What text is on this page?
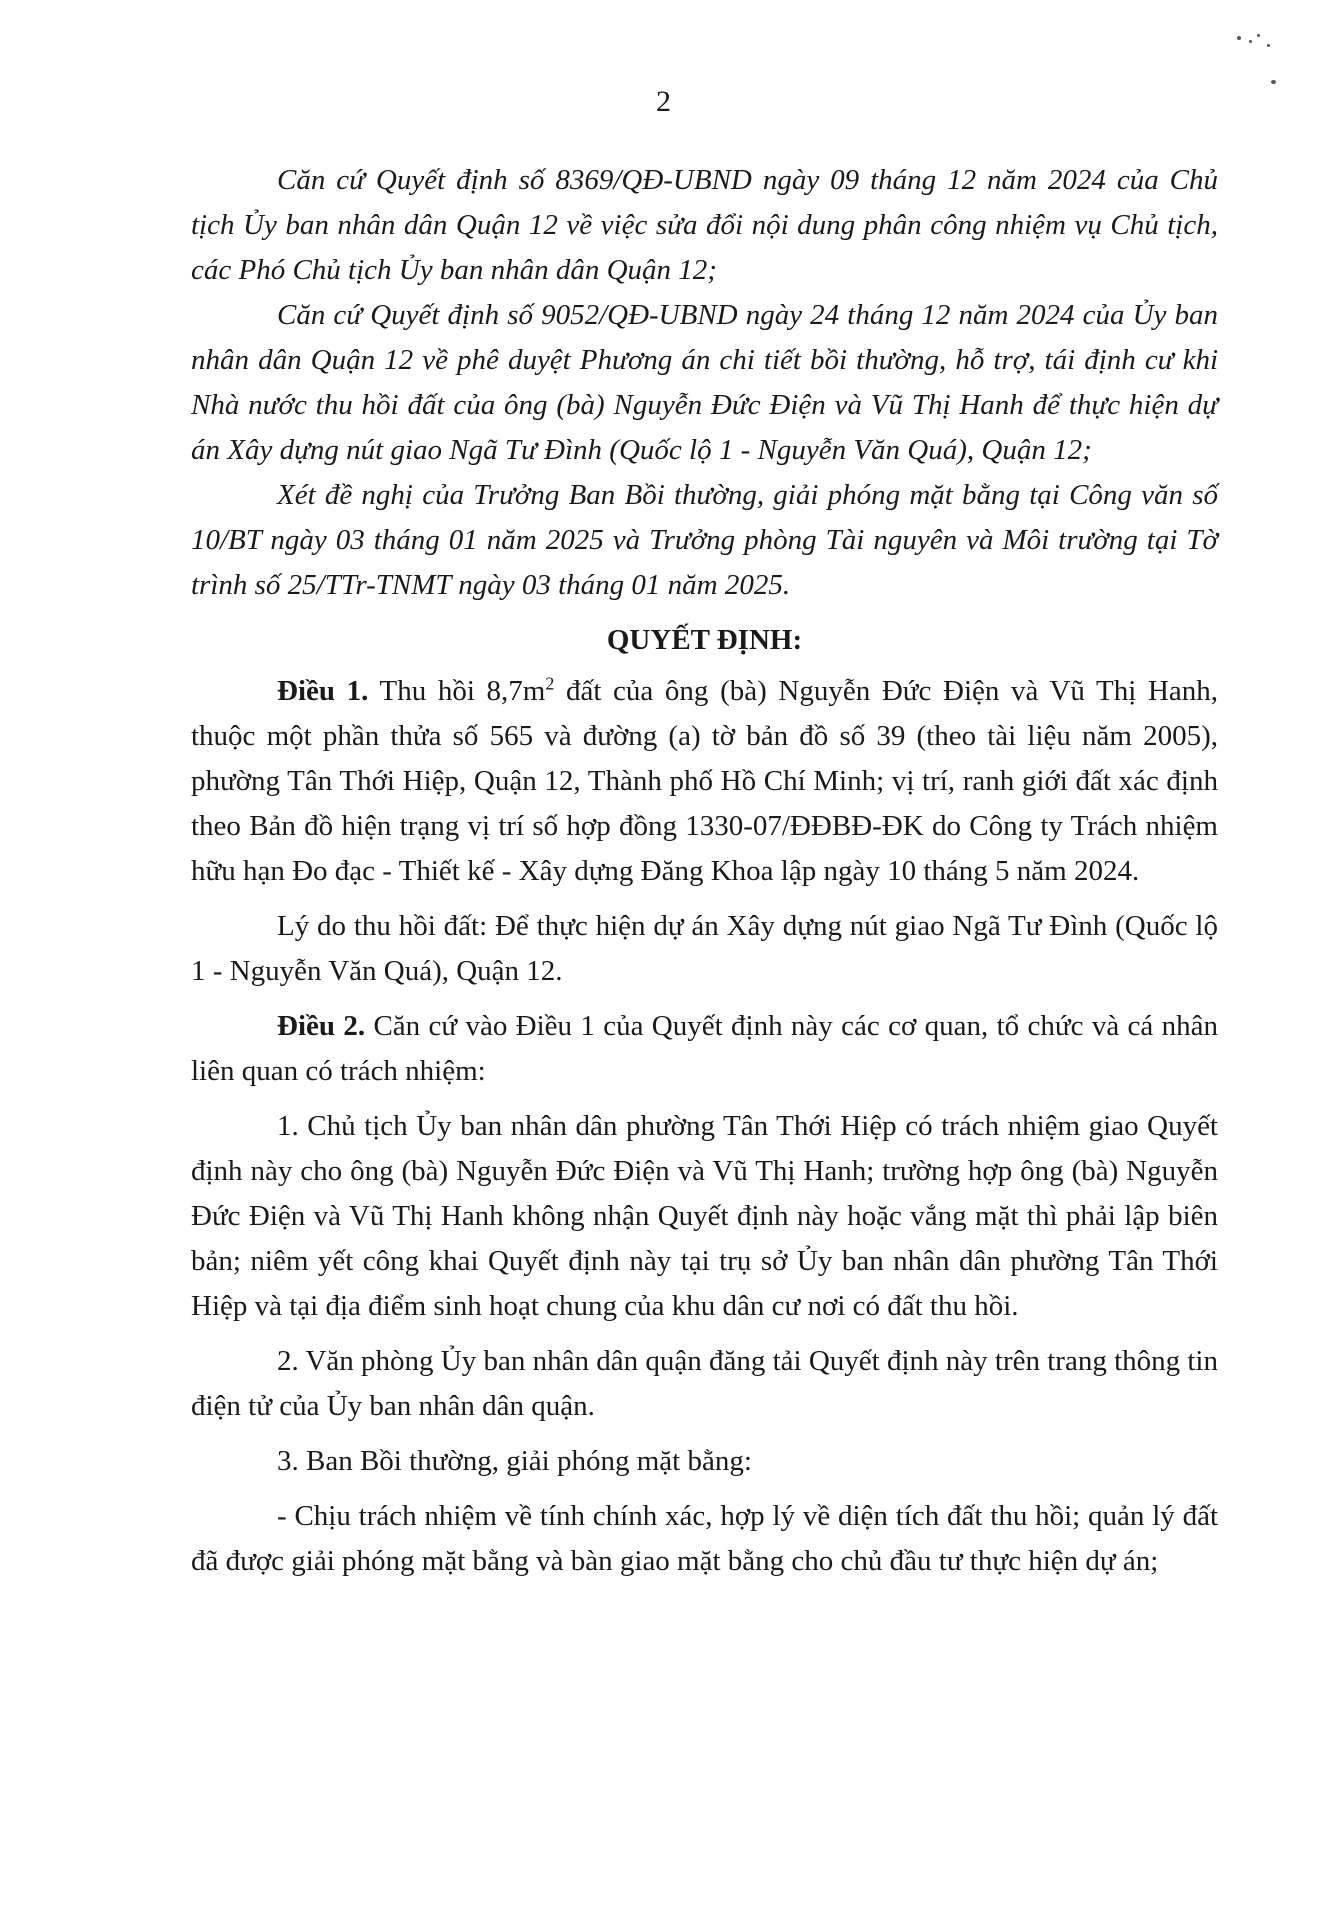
2

Căn cứ Quyết định số 8369/QĐ-UBND ngày 09 tháng 12 năm 2024 của Chủ tịch Ủy ban nhân dân Quận 12 về việc sửa đổi nội dung phân công nhiệm vụ Chủ tịch, các Phó Chủ tịch Ủy ban nhân dân Quận 12;

Căn cứ Quyết định số 9052/QĐ-UBND ngày 24 tháng 12 năm 2024 của Ủy ban nhân dân Quận 12 về phê duyệt Phương án chi tiết bồi thường, hỗ trợ, tái định cư khi Nhà nước thu hồi đất của ông (bà) Nguyễn Đức Điện và Vũ Thị Hanh để thực hiện dự án Xây dựng nút giao Ngã Tư Đình (Quốc lộ 1 - Nguyễn Văn Quá), Quận 12;

Xét đề nghị của Trưởng Ban Bồi thường, giải phóng mặt bằng tại Công văn số 10/BT ngày 03 tháng 01 năm 2025 và Trưởng phòng Tài nguyên và Môi trường tại Tờ trình số 25/TTr-TNMT ngày 03 tháng 01 năm 2025.

QUYẾT ĐỊNH:

Điều 1. Thu hồi $8,7m^2$ đất của ông (bà) Nguyễn Đức Điện và Vũ Thị Hanh, thuộc một phần thửa số 565 và đường (a) tờ bản đồ số 39 (theo tài liệu năm 2005), phường Tân Thới Hiệp, Quận 12, Thành phố Hồ Chí Minh; vị trí, ranh giới đất xác định theo Bản đồ hiện trạng vị trí số hợp đồng 1330-07/ĐĐBĐ-ĐK do Công ty Trách nhiệm hữu hạn Đo đạc - Thiết kế - Xây dựng Đăng Khoa lập ngày 10 tháng 5 năm 2024.

Lý do thu hồi đất: Để thực hiện dự án Xây dựng nút giao Ngã Tư Đình (Quốc lộ 1 - Nguyễn Văn Quá), Quận 12.

Điều 2. Căn cứ vào Điều 1 của Quyết định này các cơ quan, tổ chức và cá nhân liên quan có trách nhiệm:

1. Chủ tịch Ủy ban nhân dân phường Tân Thới Hiệp có trách nhiệm giao Quyết định này cho ông (bà) Nguyễn Đức Điện và Vũ Thị Hanh; trường hợp ông (bà) Nguyễn Đức Điện và Vũ Thị Hanh không nhận Quyết định này hoặc vắng mặt thì phải lập biên bản; niêm yết công khai Quyết định này tại trụ sở Ủy ban nhân dân phường Tân Thới Hiệp và tại địa điểm sinh hoạt chung của khu dân cư nơi có đất thu hồi.

2. Văn phòng Ủy ban nhân dân quận đăng tải Quyết định này trên trang thông tin điện tử của Ủy ban nhân dân quận.

3. Ban Bồi thường, giải phóng mặt bằng:

- Chịu trách nhiệm về tính chính xác, hợp lý về diện tích đất thu hồi; quản lý đất đã được giải phóng mặt bằng và bàn giao mặt bằng cho chủ đầu tư thực hiện dự án;
